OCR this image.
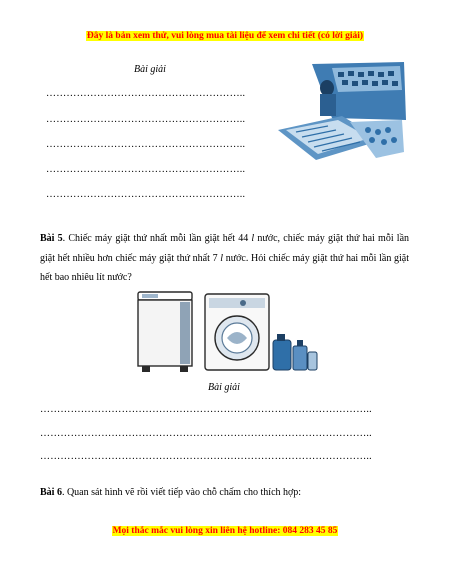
Đây là bản xem thử, vui lòng mua tài liệu để xem chi tiết (có lời giải)
Bài giải
…………………………………………………..
…………………………………………………..
…………………………………………………..
…………………………………………………..
…………………………………………………..
Bài 5. Chiếc máy giặt thứ nhất mỗi lần giặt hết 44 l nước, chiếc máy giặt thứ hai mỗi lần giặt hết nhiều hơn chiếc máy giặt thứ nhất 7 l nước. Hỏi chiếc máy giặt thứ hai mỗi lần giặt hết bao nhiêu lít nước?
Bài giải
……………………………………………………………………………………..
……………………………………………………………………………………..
……………………………………………………………………………………..
Bài 6. Quan sát hình vẽ rồi viết tiếp vào chỗ chấm cho thích hợp:
Mọi thắc mắc vui lòng xin liên hệ hotline: 084 283 45 85
